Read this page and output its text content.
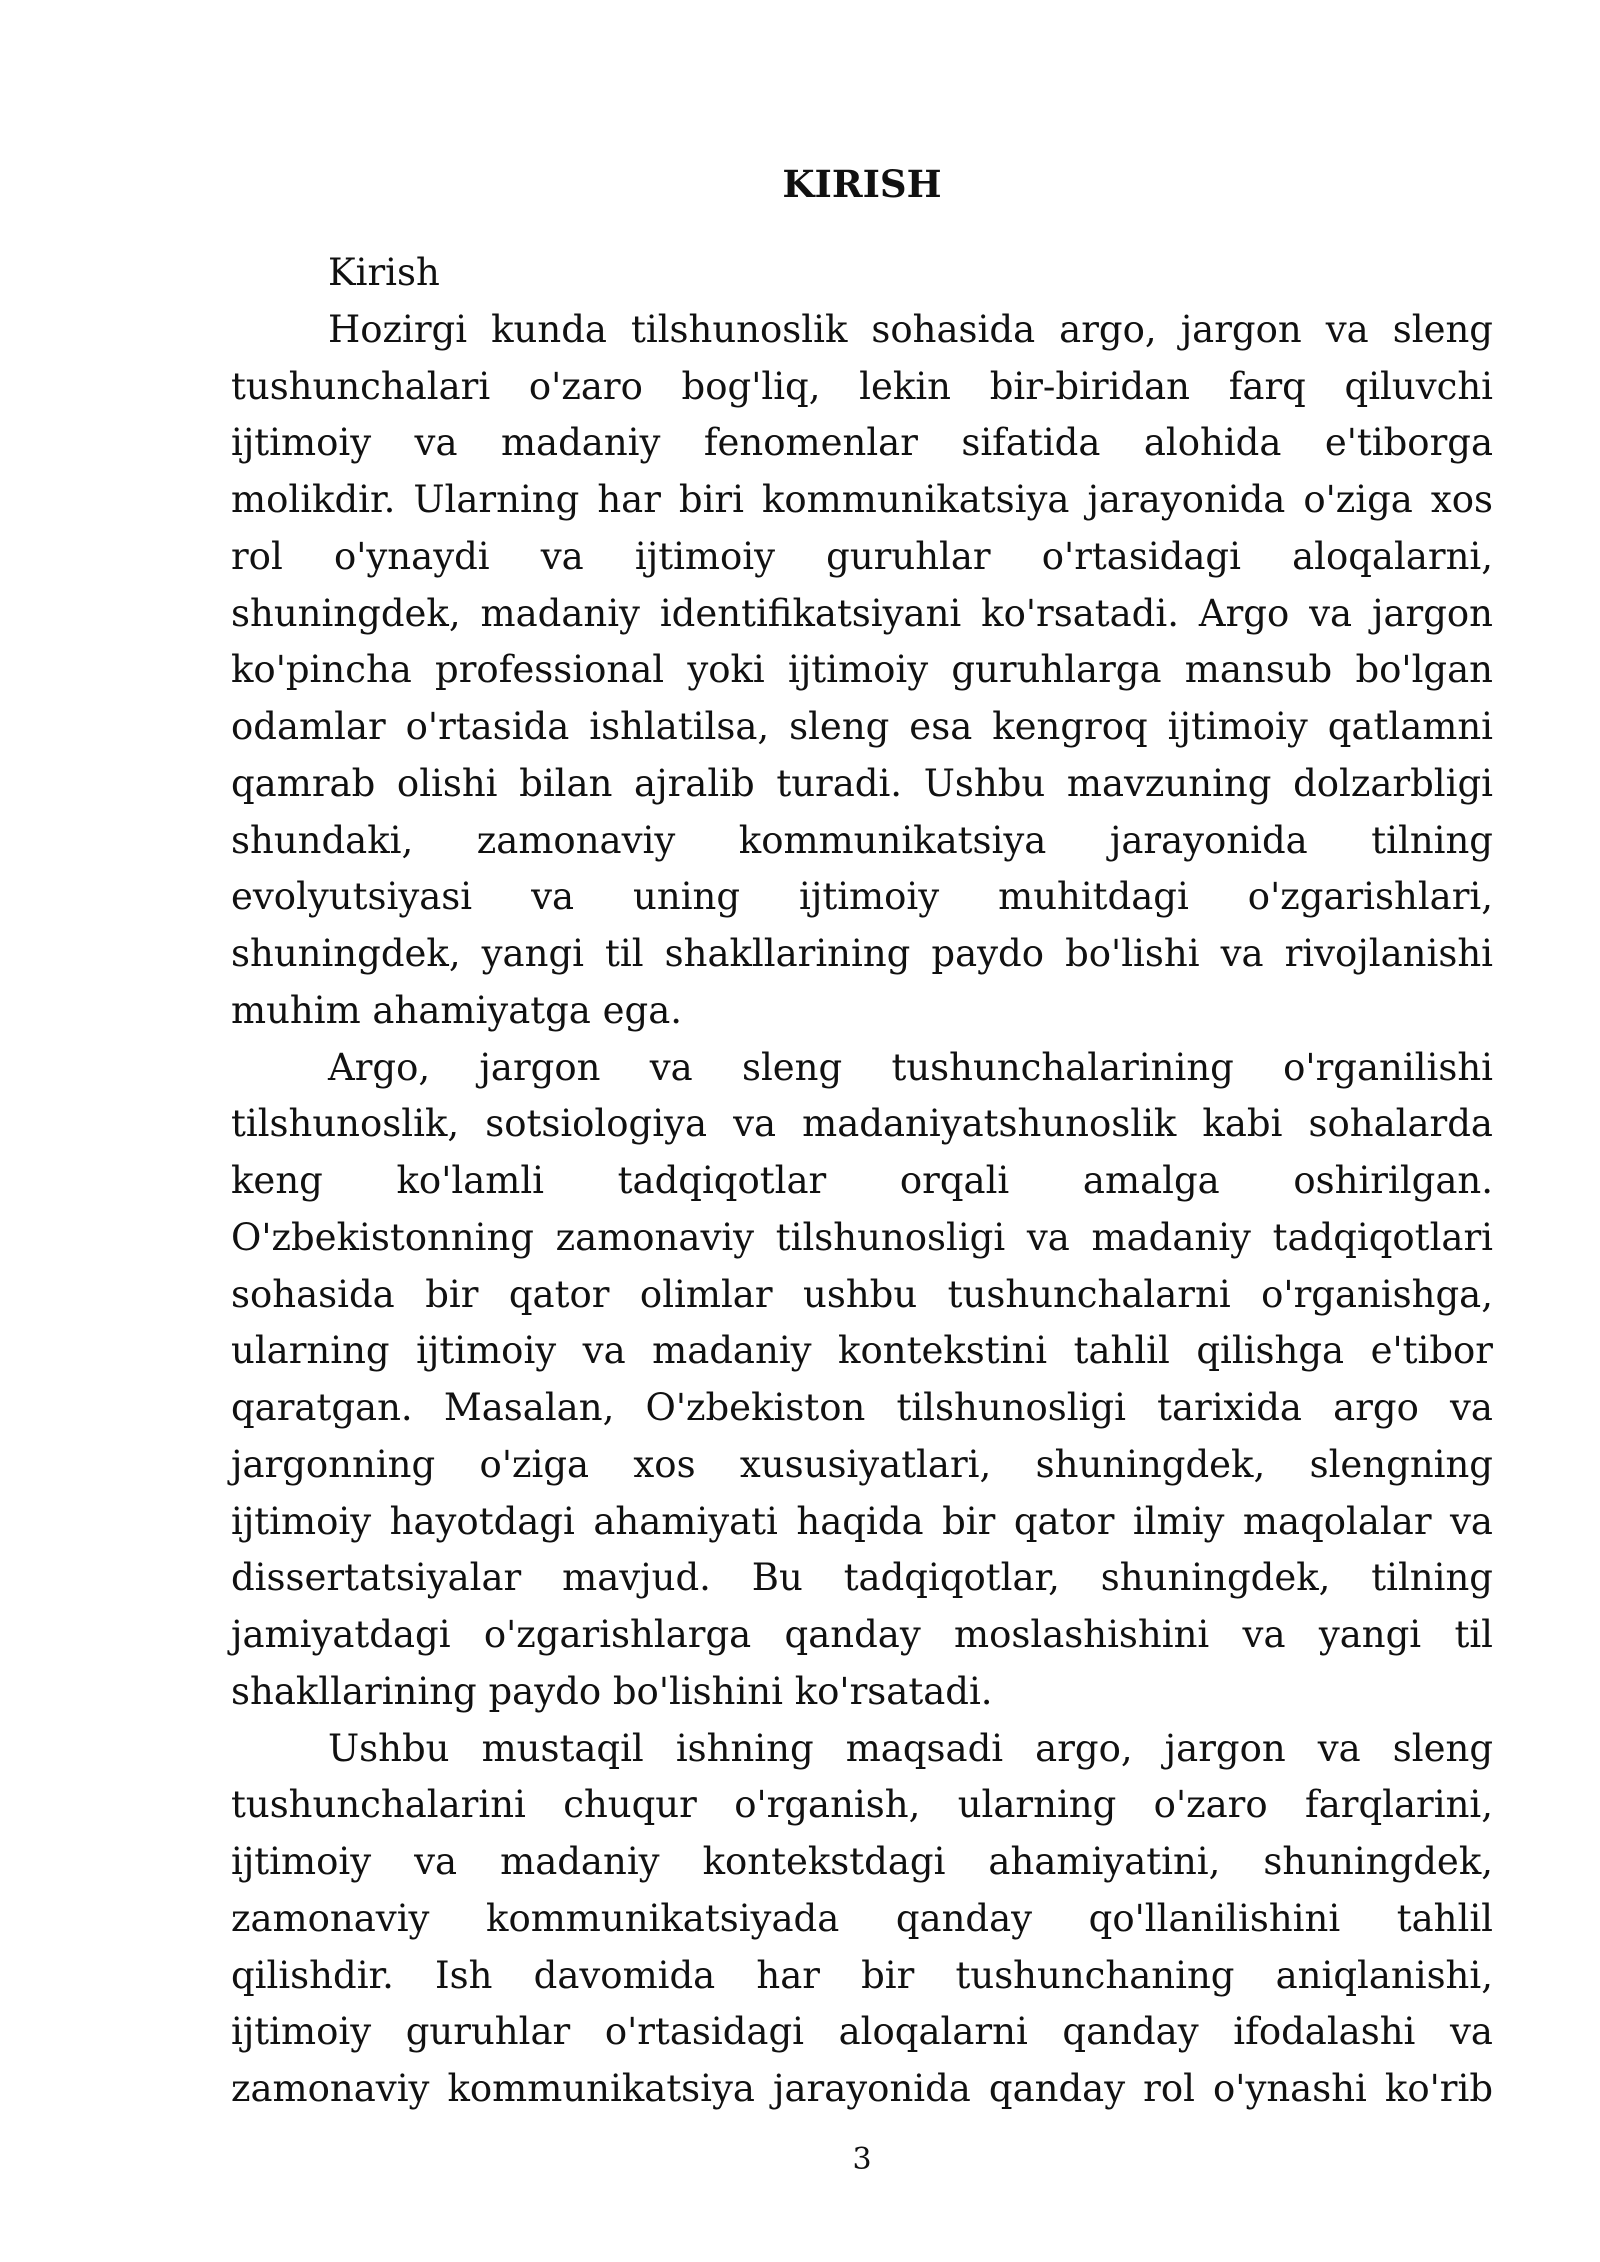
KIRISH
Kirish
Hozirgi kunda tilshunoslik sohasida argo, jargon va sleng
tushunchalari o'zaro bog'liq, lekin bir-biridan farq qiluvchi
ijtimoiy va madaniy fenomenlar sifatida alohida e'tiborga
molikdir. Ularning har biri kommunikatsiya jarayonida o'ziga xos
rol o'ynaydi va ijtimoiy guruhlar o'rtasidagi aloqalarni,
shuningdek, madaniy identifikatsiyani ko'rsatadi. Argo va jargon
ko'pincha professional yoki ijtimoiy guruhlarga mansub bo'lgan
odamlar o'rtasida ishlatilsa, sleng esa kengroq ijtimoiy qatlamni
qamrab olishi bilan ajralib turadi. Ushbu mavzuning dolzarbligi
shundaki, zamonaviy kommunikatsiya jarayonida tilning
evolyutsiyasi va uning ijtimoiy muhitdagi o'zgarishlari,
shuningdek, yangi til shakllarining paydo bo'lishi va rivojlanishi
muhim ahamiyatga ega.
Argo, jargon va sleng tushunchalarining o'rganilishi
tilshunoslik, sotsiologiya va madaniyatshunoslik kabi sohalarda
keng ko'lamli tadqiqotlar orqali amalga oshirilgan.
O'zbekistonning zamonaviy tilshunosligi va madaniy tadqiqotlari
sohasida bir qator olimlar ushbu tushunchalarni o'rganishga,
ularning ijtimoiy va madaniy kontekstini tahlil qilishga e'tibor
qaratgan. Masalan, O'zbekiston tilshunosligi tarixida argo va
jargonning o'ziga xos xususiyatlari, shuningdek, slengning
ijtimoiy hayotdagi ahamiyati haqida bir qator ilmiy maqolalar va
dissertatsiyalar mavjud. Bu tadqiqotlar, shuningdek, tilning
jamiyatdagi o'zgarishlarga qanday moslashishini va yangi til
shakllarining paydo bo'lishini ko'rsatadi.
Ushbu mustaqil ishning maqsadi argo, jargon va sleng
tushunchalarini chuqur o'rganish, ularning o'zaro farqlarini,
ijtimoiy va madaniy kontekstdagi ahamiyatini, shuningdek,
zamonaviy kommunikatsiyada qanday qo'llanilishini tahlil
qilishdir. Ish davomida har bir tushunchaning aniqlanishi,
ijtimoiy guruhlar o'rtasidagi aloqalarni qanday ifodalashi va
zamonaviy kommunikatsiya jarayonida qanday rol o'ynashi ko'rib
3
